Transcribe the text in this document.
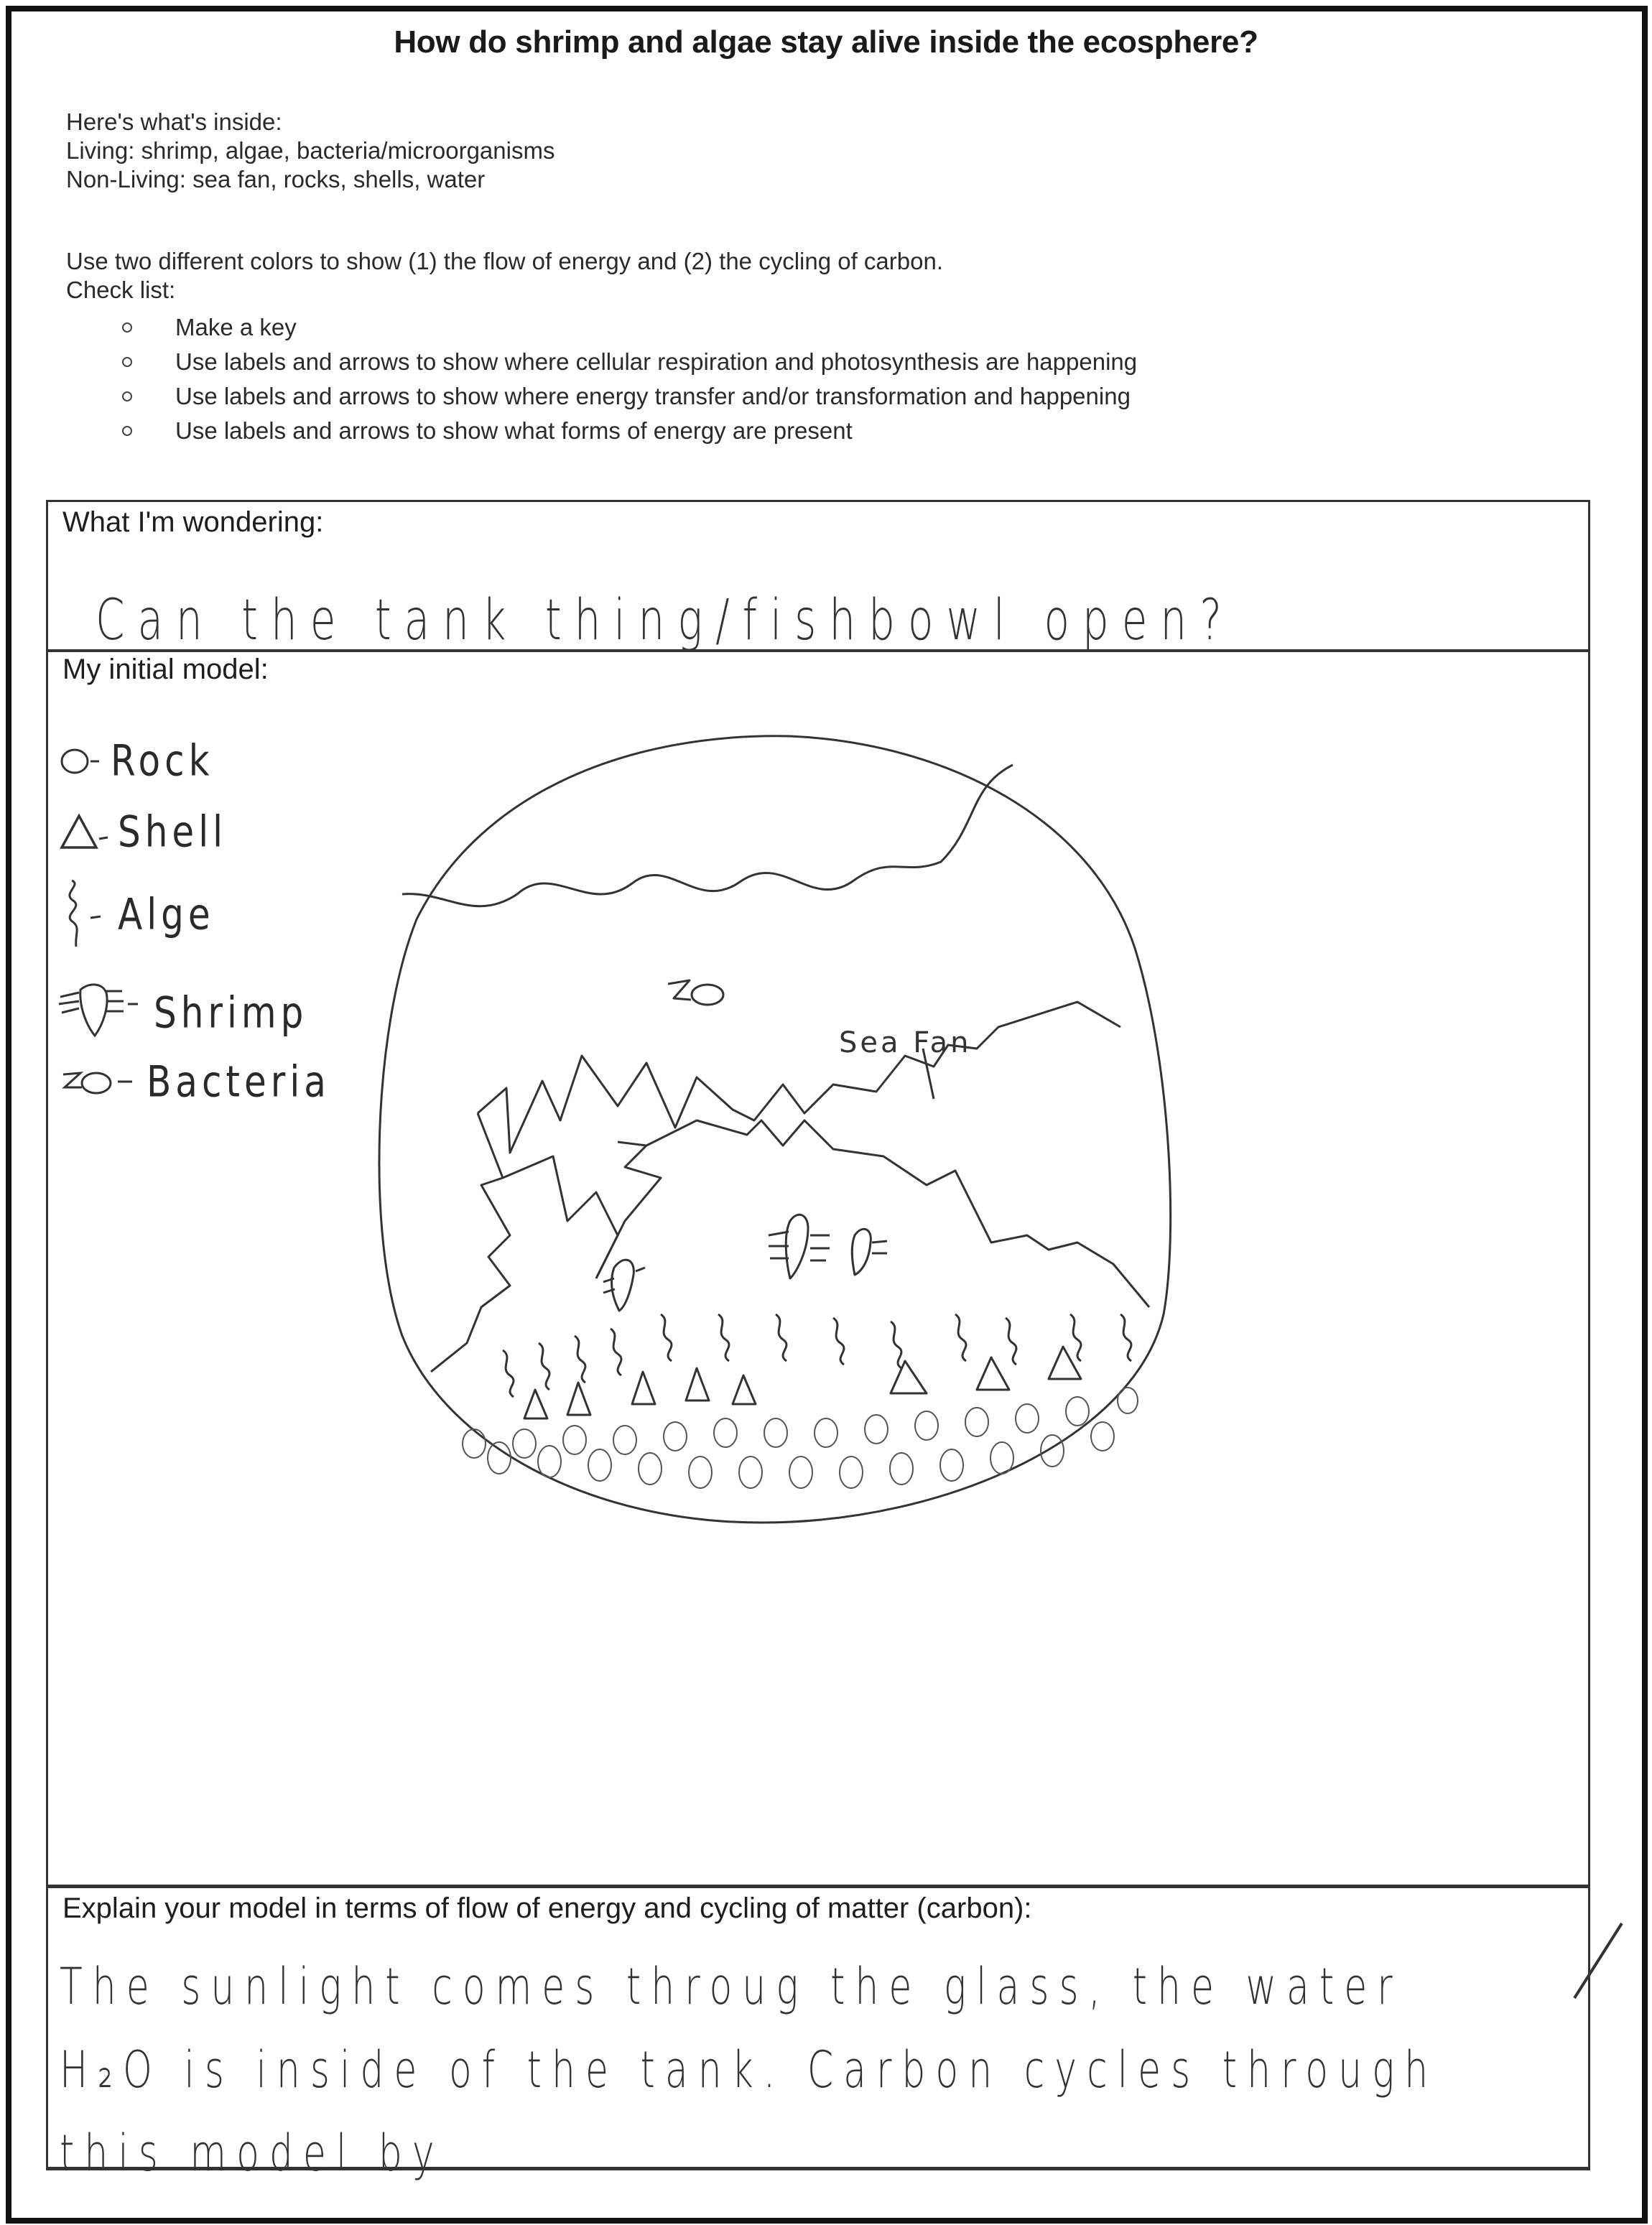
How do shrimp and algae stay alive inside the ecosphere?
Here's what's inside:
Living: shrimp, algae, bacteria/microorganisms
Non-Living: sea fan, rocks, shells, water
Use two different colors to show (1) the flow of energy and (2) the cycling of carbon.
Check list:
Make a key
Use labels and arrows to show where cellular respiration and photosynthesis are happening
Use labels and arrows to show where energy transfer and/or transformation and happening
Use labels and arrows to show what forms of energy are present
What I'm wondering:
Can the tank thing/fishbowl open?
My initial model:
Rock
Shell
Alge
Shrimp
Bacteria
Sea Fan
Explain your model in terms of flow of energy and cycling of matter (carbon):
The sunlight comes throug the glass, the water
H₂O is inside of the tank. Carbon cycles through
this model by
